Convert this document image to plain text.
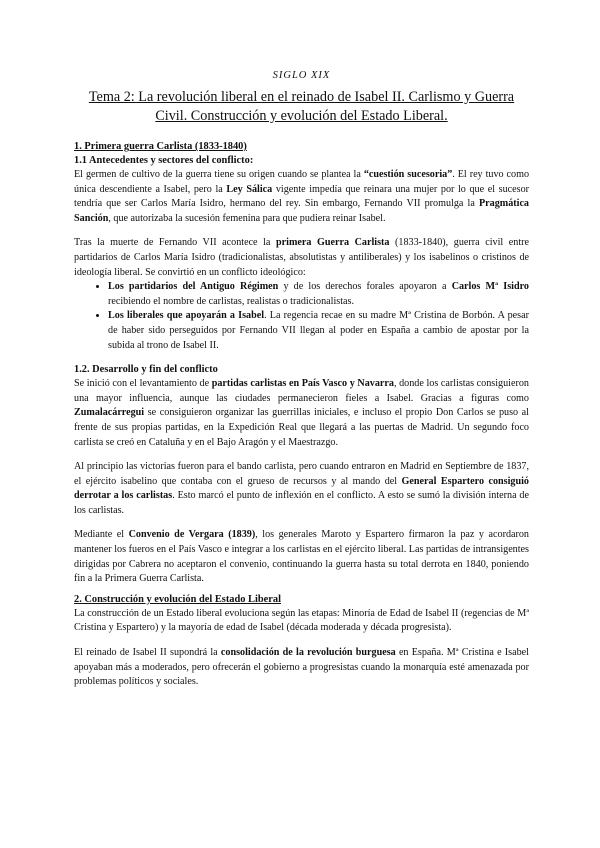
SIGLO XIX
Tema 2: La revolución liberal en el reinado de Isabel II. Carlismo y Guerra Civil. Construcción y evolución del Estado Liberal.
1. Primera guerra Carlista (1833-1840)
1.1 Antecedentes y sectores del conflicto:

El germen de cultivo de la guerra tiene su origen cuando se plantea la “cuestión sucesoria”. El rey tuvo como única descendiente a Isabel, pero la Ley Sálica vigente impedía que reinara una mujer por lo que el sucesor tendría que ser Carlos María Isidro, hermano del rey. Sin embargo, Fernando VII promulga la Pragmática Sanción, que autorizaba la sucesión femenina para que pudiera reinar Isabel.

Tras la muerte de Fernando VII acontece la primera Guerra Carlista (1833-1840), guerra civil entre partidarios de Carlos María Isidro (tradicionalistas, absolutistas y antiliberales) y los isabelinos o cristinos de ideología liberal. Se convirtió en un conflicto ideológico:

• Los partidarios del Antiguo Régimen y de los derechos forales apoyaron a Carlos Mª Isidro recibiendo el nombre de carlistas, realistas o tradicionalistas.
• Los liberales que apoyarán a Isabel. La regencia recae en su madre Mª Cristina de Borbón. A pesar de haber sido perseguidos por Fernando VII llegan al poder en España a cambio de apostar por la subida al trono de Isabel II.
1.2. Desarrollo y fin del conflicto

Se inició con el levantamiento de partidas carlistas en País Vasco y Navarra, donde los carlistas consiguieron una mayor influencia, aunque las ciudades permanecieron fieles a Isabel. Gracias a figuras como Zumalacárregui se consiguieron organizar las guerrillas iniciales, e incluso el propio Don Carlos se puso al frente de sus propias partidas, en la Expedición Real que llegará a las puertas de Madrid. Un segundo foco carlista se creó en Cataluña y en el Bajo Aragón y el Maestrazgo.

Al principio las victorias fueron para el bando carlista, pero cuando entraron en Madrid en Septiembre de 1837, el ejército isabelino que contaba con el grueso de recursos y al mando del General Espartero consiguió derrotar a los carlistas. Esto marcó el punto de inflexión en el conflicto. A esto se sumó la división interna de los carlistas.

Mediante el Convenio de Vergara (1839), los generales Maroto y Espartero firmaron la paz y acordaron mantener los fueros en el País Vasco e integrar a los carlistas en el ejército liberal. Las partidas de intransigentes dirigidas por Cabrera no aceptaron el convenio, continuando la guerra hasta su total derrota en 1840, poniendo fin a la Primera Guerra Carlista.

2. Construcción y evolución del Estado Liberal

La construcción de un Estado liberal evoluciona según las etapas: Minoría de Edad de Isabel II (regencias de Mª Cristina y Espartero) y la mayoría de edad de Isabel (década moderada y década progresista).

El reinado de Isabel II supondrá la consolidación de la revolución burguesa en España. Mª Cristina e Isabel apoyaban más a moderados, pero ofrecerán el gobierno a progresistas cuando la monarquía esté amenazada por problemas políticos y sociales.
